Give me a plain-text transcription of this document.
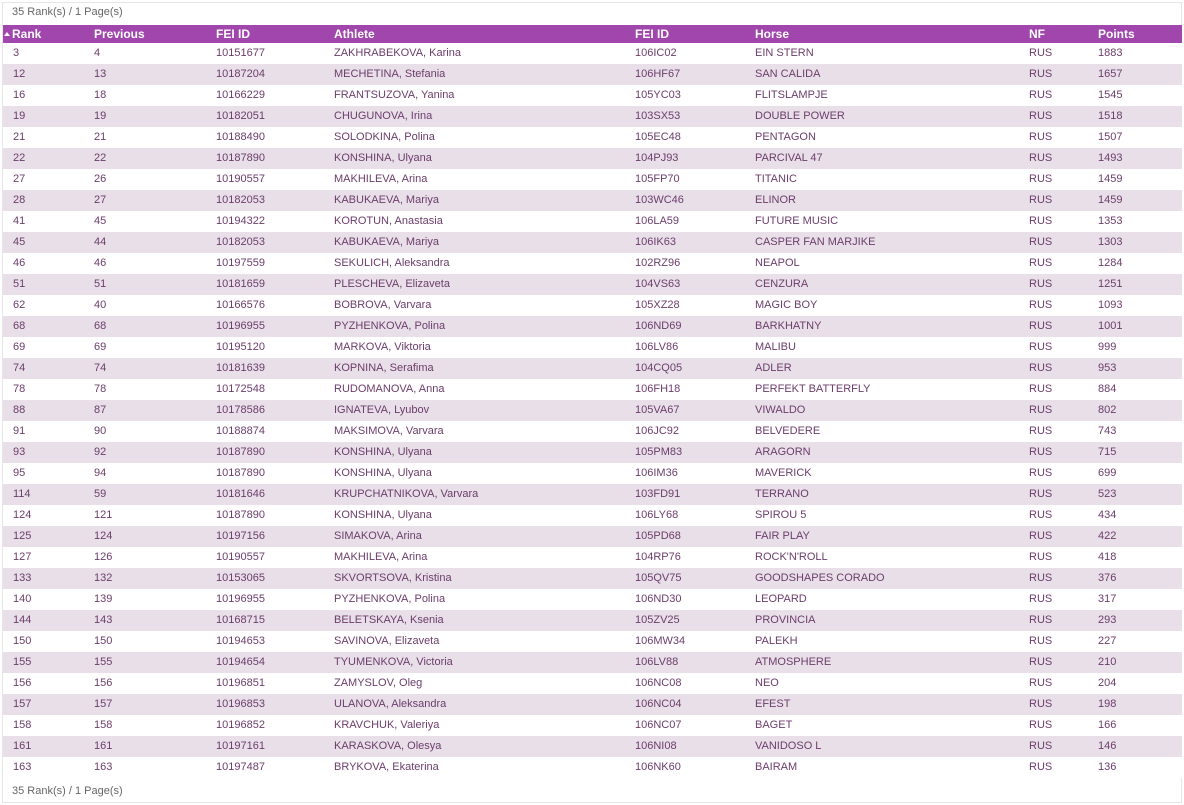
35 Rank(s) / 1 Page(s)
Rank	Previous	FEI ID	Athlete	FEI ID	Horse	NF	Points
3	4	10151677	ZAKHRABEKOVA, Karina	106IC02	EIN STERN	RUS	1883
12	13	10187204	MECHETINA, Stefania	106HF67	SAN CALIDA	RUS	1657
16	18	10166229	FRANTSUZOVA, Yanina	105YC03	FLITSLAMPJE	RUS	1545
19	19	10182051	CHUGUNOVA, Irina	103SX53	DOUBLE POWER	RUS	1518
21	21	10188490	SOLODKINA, Polina	105EC48	PENTAGON	RUS	1507
22	22	10187890	KONSHINA, Ulyana	104PJ93	PARCIVAL 47	RUS	1493
27	26	10190557	MAKHILEVA, Arina	105FP70	TITANIC	RUS	1459
28	27	10182053	KABUKAEVA, Mariya	103WC46	ELINOR	RUS	1459
41	45	10194322	KOROTUN, Anastasia	106LA59	FUTURE MUSIC	RUS	1353
45	44	10182053	KABUKAEVA, Mariya	106IK63	CASPER FAN MARJIKE	RUS	1303
46	46	10197559	SEKULICH, Aleksandra	102RZ96	NEAPOL	RUS	1284
51	51	10181659	PLESCHEVA, Elizaveta	104VS63	CENZURA	RUS	1251
62	40	10166576	BOBROVA, Varvara	105XZ28	MAGIC BOY	RUS	1093
68	68	10196955	PYZHENKOVA, Polina	106ND69	BARKHATNY	RUS	1001
69	69	10195120	MARKOVA, Viktoria	106LV86	MALIBU	RUS	999
74	74	10181639	KOPNINA, Serafima	104CQ05	ADLER	RUS	953
78	78	10172548	RUDOMANOVA, Anna	106FH18	PERFEKT BATTERFLY	RUS	884
88	87	10178586	IGNATEVA, Lyubov	105VA67	VIWALDO	RUS	802
91	90	10188874	MAKSIMOVA, Varvara	106JC92	BELVEDERE	RUS	743
93	92	10187890	KONSHINA, Ulyana	105PM83	ARAGORN	RUS	715
95	94	10187890	KONSHINA, Ulyana	106IM36	MAVERICK	RUS	699
114	59	10181646	KRUPCHATNIKOVA, Varvara	103FD91	TERRANO	RUS	523
124	121	10187890	KONSHINA, Ulyana	106LY68	SPIROU 5	RUS	434
125	124	10197156	SIMAKOVA, Arina	105PD68	FAIR PLAY	RUS	422
127	126	10190557	MAKHILEVA, Arina	104RP76	ROCK'N'ROLL	RUS	418
133	132	10153065	SKVORTSOVA, Kristina	105QV75	GOODSHAPES CORADO	RUS	376
140	139	10196955	PYZHENKOVA, Polina	106ND30	LEOPARD	RUS	317
144	143	10168715	BELETSKAYA, Ksenia	105ZV25	PROVINCIA	RUS	293
150	150	10194653	SAVINOVA, Elizaveta	106MW34	PALEKH	RUS	227
155	155	10194654	TYUMENKOVA, Victoria	106LV88	ATMOSPHERE	RUS	210
156	156	10196851	ZAMYSLOV, Oleg	106NC08	NEO	RUS	204
157	157	10196853	ULANOVA, Aleksandra	106NC04	EFEST	RUS	198
158	158	10196852	KRAVCHUK, Valeriya	106NC07	BAGET	RUS	166
161	161	10197161	KARASKOVA, Olesya	106NI08	VANIDOSO L	RUS	146
163	163	10197487	BRYKOVA, Ekaterina	106NK60	BAIRAM	RUS	136
35 Rank(s) / 1 Page(s)
